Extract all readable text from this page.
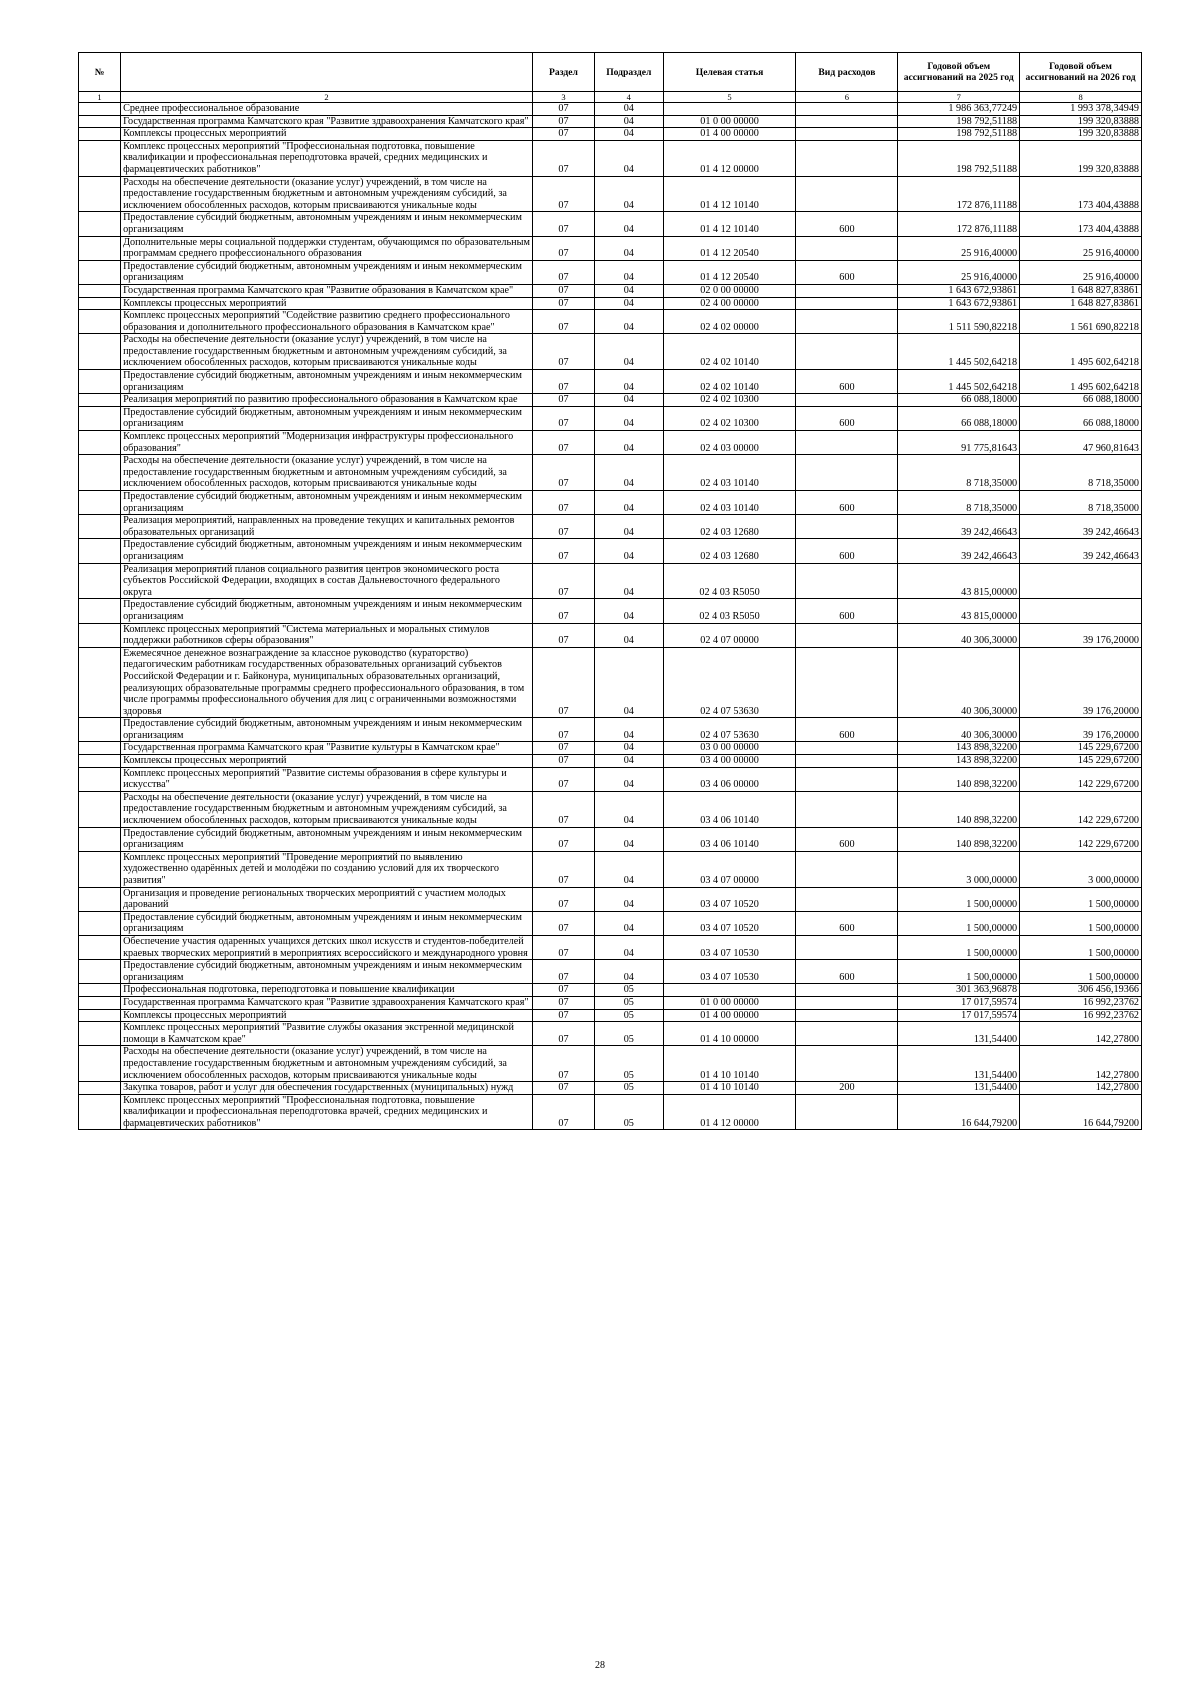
№		Раздел	Подраздел	Целевая статья	Вид расходов	Годовой объем ассигнований на 2025 год	Годовой объем ассигнований на 2026 год
1	2	3	4	5	6	7	8
	Среднее профессиональное образование	07	04			1 986 363,77249	1 993 378,34949
	Государственная программа Камчатского края "Развитие здравоохранения Камчатского края"	07	04	01 0 00 00000		198 792,51188	199 320,83888
	Комплексы процессных мероприятий	07	04	01 4 00 00000		198 792,51188	199 320,83888
	Комплекс процессных мероприятий "Профессиональная подготовка, повышение квалификации и профессиональная переподготовка врачей, средних медицинских и фармацевтических работников"	07	04	01 4 12 00000		198 792,51188	199 320,83888
	Расходы на обеспечение деятельности (оказание услуг) учреждений, в том числе на предоставление государственным бюджетным и автономным учреждениям субсидий, за исключением обособленных расходов, которым присваиваются уникальные коды	07	04	01 4 12 10140		172 876,11188	173 404,43888
	Предоставление субсидий бюджетным, автономным учреждениям и иным некоммерческим организациям	07	04	01 4 12 10140	600	172 876,11188	173 404,43888
	Дополнительные меры социальной поддержки студентам, обучающимся по образовательным программам среднего профессионального образования	07	04	01 4 12 20540		25 916,40000	25 916,40000
	Предоставление субсидий бюджетным, автономным учреждениям и иным некоммерческим организациям	07	04	01 4 12 20540	600	25 916,40000	25 916,40000
	Государственная программа Камчатского края "Развитие образования в Камчатском крае"	07	04	02 0 00 00000		1 643 672,93861	1 648 827,83861
	Комплексы процессных мероприятий	07	04	02 4 00 00000		1 643 672,93861	1 648 827,83861
	Комплекс процессных мероприятий "Содействие развитию среднего профессионального образования и дополнительного профессионального образования в Камчатском крае"	07	04	02 4 02 00000		1 511 590,82218	1 561 690,82218
	Расходы на обеспечение деятельности (оказание услуг) учреждений, в том числе на предоставление государственным бюджетным и автономным учреждениям субсидий, за исключением обособленных расходов, которым присваиваются уникальные коды	07	04	02 4 02 10140		1 445 502,64218	1 495 602,64218
	Предоставление субсидий бюджетным, автономным учреждениям и иным некоммерческим организациям	07	04	02 4 02 10140	600	1 445 502,64218	1 495 602,64218
	Реализация мероприятий по развитию профессионального образования в Камчатском крае	07	04	02 4 02 10300		66 088,18000	66 088,18000
	Предоставление субсидий бюджетным, автономным учреждениям и иным некоммерческим организациям	07	04	02 4 02 10300	600	66 088,18000	66 088,18000
	Комплекс процессных мероприятий "Модернизация инфраструктуры профессионального образования"	07	04	02 4 03 00000		91 775,81643	47 960,81643
	Расходы на обеспечение деятельности (оказание услуг) учреждений, в том числе на предоставление государственным бюджетным и автономным учреждениям субсидий, за исключением обособленных расходов, которым присваиваются уникальные коды	07	04	02 4 03 10140		8 718,35000	8 718,35000
	Предоставление субсидий бюджетным, автономным учреждениям и иным некоммерческим организациям	07	04	02 4 03 10140	600	8 718,35000	8 718,35000
	Реализация мероприятий, направленных на проведение текущих и капитальных ремонтов образовательных организаций	07	04	02 4 03 12680		39 242,46643	39 242,46643
	Предоставление субсидий бюджетным, автономным учреждениям и иным некоммерческим организациям	07	04	02 4 03 12680	600	39 242,46643	39 242,46643
	Реализация мероприятий планов социального развития центров экономического роста субъектов Российской Федерации, входящих в состав Дальневосточного федерального округа	07	04	02 4 03 R5050		43 815,00000	
	Предоставление субсидий бюджетным, автономным учреждениям и иным некоммерческим организациям	07	04	02 4 03 R5050	600	43 815,00000	
	Комплекс процессных мероприятий "Система материальных и моральных стимулов поддержки работников сферы образования"	07	04	02 4 07 00000		40 306,30000	39 176,20000
	Ежемесячное денежное вознаграждение за классное руководство (кураторство) педагогическим работникам государственных образовательных организаций субъектов Российской Федерации и г. Байконура, муниципальных образовательных организаций, реализующих образовательные программы среднего профессионального образования, в том числе программы профессионального обучения для лиц с ограниченными возможностями здоровья	07	04	02 4 07 53630		40 306,30000	39 176,20000
	Предоставление субсидий бюджетным, автономным учреждениям и иным некоммерческим организациям	07	04	02 4 07 53630	600	40 306,30000	39 176,20000
	Государственная программа Камчатского края "Развитие культуры в Камчатском крае"	07	04	03 0 00 00000		143 898,32200	145 229,67200
	Комплексы процессных мероприятий	07	04	03 4 00 00000		143 898,32200	145 229,67200
	Комплекс процессных мероприятий "Развитие системы образования в сфере культуры и искусства"	07	04	03 4 06 00000		140 898,32200	142 229,67200
	Расходы на обеспечение деятельности (оказание услуг) учреждений, в том числе на предоставление государственным бюджетным и автономным учреждениям субсидий, за исключением обособленных расходов, которым присваиваются уникальные коды	07	04	03 4 06 10140		140 898,32200	142 229,67200
	Предоставление субсидий бюджетным, автономным учреждениям и иным некоммерческим организациям	07	04	03 4 06 10140	600	140 898,32200	142 229,67200
	Комплекс процессных мероприятий "Проведение мероприятий по выявлению художественно одарённых детей и молодёжи по созданию условий для их творческого развития"	07	04	03 4 07 00000		3 000,00000	3 000,00000
	Организация и проведение региональных творческих мероприятий с участием молодых дарований	07	04	03 4 07 10520		1 500,00000	1 500,00000
	Предоставление субсидий бюджетным, автономным учреждениям и иным некоммерческим организациям	07	04	03 4 07 10520	600	1 500,00000	1 500,00000
	Обеспечение участия одаренных учащихся детских школ искусств и студентов-победителей краевых творческих мероприятий в мероприятиях всероссийского и международного уровня	07	04	03 4 07 10530		1 500,00000	1 500,00000
	Предоставление субсидий бюджетным, автономным учреждениям и иным некоммерческим организациям	07	04	03 4 07 10530	600	1 500,00000	1 500,00000
	Профессиональная подготовка, переподготовка и повышение квалификации	07	05			301 363,96878	306 456,19366
	Государственная программа Камчатского края "Развитие здравоохранения Камчатского края"	07	05	01 0 00 00000		17 017,59574	16 992,23762
	Комплексы процессных мероприятий	07	05	01 4 00 00000		17 017,59574	16 992,23762
	Комплекс процессных мероприятий "Развитие службы оказания экстренной медицинской помощи в Камчатском крае"	07	05	01 4 10 00000		131,54400	142,27800
	Расходы на обеспечение деятельности (оказание услуг) учреждений, в том числе на предоставление государственным бюджетным и автономным учреждениям субсидий, за исключением обособленных расходов, которым присваиваются уникальные коды	07	05	01 4 10 10140		131,54400	142,27800
	Закупка товаров, работ и услуг для обеспечения государственных (муниципальных) нужд	07	05	01 4 10 10140	200	131,54400	142,27800
	Комплекс процессных мероприятий "Профессиональная подготовка, повышение квалификации и профессиональная переподготовка врачей, средних медицинских и фармацевтических работников"	07	05	01 4 12 00000		16 644,79200	16 644,79200
28
